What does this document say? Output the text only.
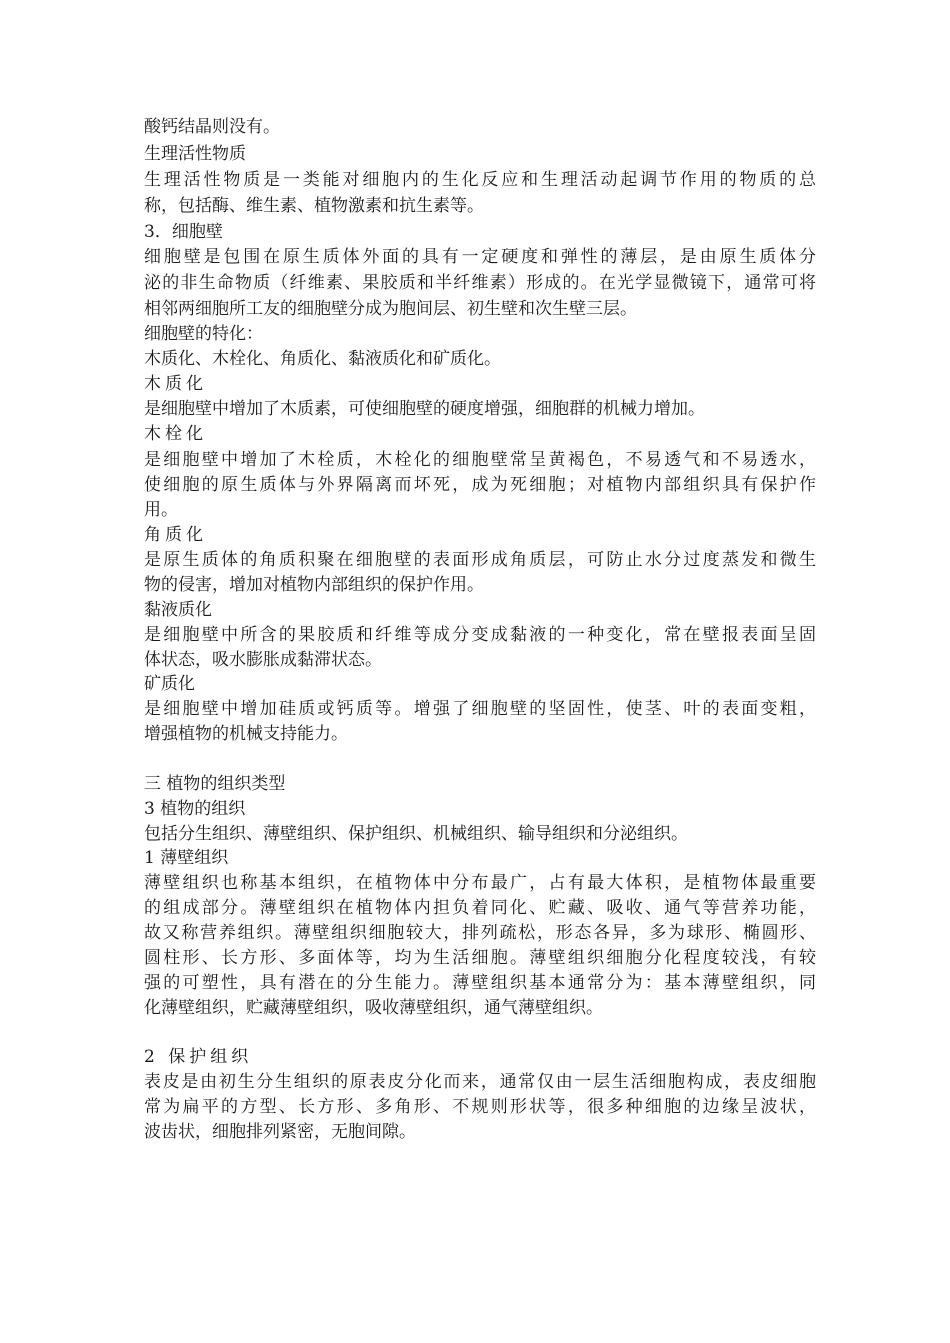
酸钙结晶则没有。
生理活性物质
生理活性物质是一类能对细胞内的生化反应和生理活动起调节作用的物质的总
称，包括酶、维生素、植物激素和抗生素等。
3．细胞壁
细胞壁是包围在原生质体外面的具有一定硬度和弹性的薄层，是由原生质体分
泌的非生命物质（纤维素、果胶质和半纤维素）形成的。在光学显微镜下，通常可将
相邻两细胞所工友的细胞壁分成为胞间层、初生壁和次生壁三层。
细胞壁的特化：
木质化、木栓化、角质化、黏液质化和矿质化。
木质化
是细胞壁中增加了木质素，可使细胞壁的硬度增强，细胞群的机械力增加。
木栓化
是细胞壁中增加了木栓质，木栓化的细胞壁常呈黄褐色，不易透气和不易透水，
使细胞的原生质体与外界隔离而坏死，成为死细胞；对植物内部组织具有保护作
用。
角质化
是原生质体的角质积聚在细胞壁的表面形成角质层，可防止水分过度蒸发和微生
物的侵害，增加对植物内部组织的保护作用。
黏液质化
是细胞壁中所含的果胶质和纤维等成分变成黏液的一种变化，常在壁报表面呈固
体状态，吸水膨胀成黏滞状态。
矿质化
是细胞壁中增加硅质或钙质等。增强了细胞壁的坚固性，使茎、叶的表面变粗，
增强植物的机械支持能力。
三 植物的组织类型
3 植物的组织
包括分生组织、薄壁组织、保护组织、机械组织、输导组织和分泌组织。
1 薄壁组织
薄壁组织也称基本组织，在植物体中分布最广，占有最大体积，是植物体最重要
的组成部分。薄壁组织在植物体内担负着同化、贮藏、吸收、通气等营养功能，
故又称营养组织。薄壁组织细胞较大，排列疏松，形态各异，多为球形、椭圆形、
圆柱形、长方形、多面体等，均为生活细胞。薄壁组织细胞分化程度较浅，有较
强的可塑性，具有潜在的分生能力。薄壁组织基本通常分为：基本薄壁组织，同
化薄壁组织，贮藏薄壁组织，吸收薄壁组织，通气薄壁组织。
2 保护组织
表皮是由初生分生组织的原表皮分化而来，通常仅由一层生活细胞构成，表皮细胞
常为扁平的方型、长方形、多角形、不规则形状等，很多种细胞的边缘呈波状，
波齿状，细胞排列紧密，无胞间隙。
